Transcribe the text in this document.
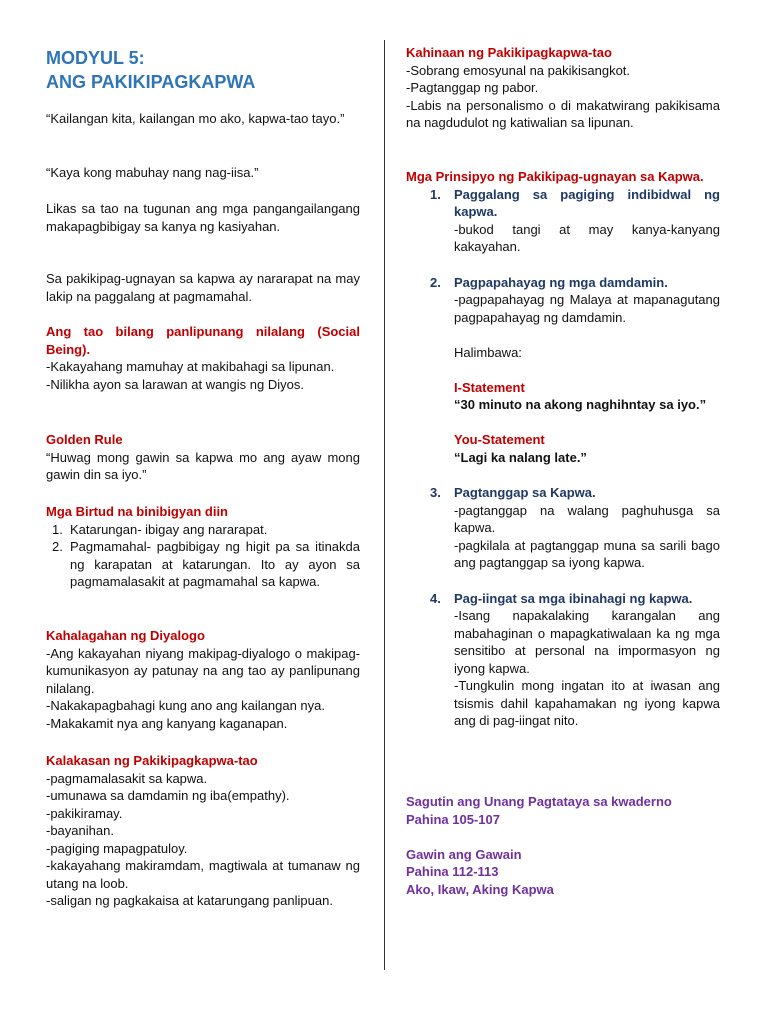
MODYUL 5:
ANG PAKIKIPAGKAPWA
“Kailangan kita, kailangan mo ako, kapwa-tao tayo.”
“Kaya kong mabuhay nang nag-iisa.”
Likas sa tao na tugunan ang mga pangangailangang makapagbibigay sa kanya ng kasiyahan.
Sa pakikipag-ugnayan sa kapwa ay nararapat na may lakip na paggalang at pagmamahal.
Ang tao bilang panlipunang nilalang (Social Being).
-Kakayahang mamuhay at makibahagi sa lipunan.
-Nilikha ayon sa larawan at wangis ng Diyos.
Golden Rule
“Huwag mong gawin sa kapwa mo ang ayaw mong gawin din sa iyo.”
Mga Birtud na binibigyan diin
1. Katarungan- ibigay ang nararapat.
2. Pagmamahal- pagbibigay ng higit pa sa itinakda ng karapatan at katarungan. Ito ay ayon sa pagmamalasakit at pagmamahal sa kapwa.
Kahalagahan ng Diyalogo
-Ang kakayahan niyang makipag-diyalogo o makipag-kumunikasyon ay patunay na ang tao ay panlipunang nilalang.
-Nakakapagbahagi kung ano ang kailangan nya.
-Makakamit nya ang kanyang kaganapan.
Kalakasan ng Pakikipagkapwa-tao
-pagmamalasakit sa kapwa.
-umunawa sa damdamin ng iba(empathy).
-pakikiramay.
-bayanihan.
-pagiging mapagpatuloy.
-kakayahang makiramdam, magtiwala at tumanaw ng utang na loob.
-saligan ng pagkakaisa at katarungang panlipuan.
Kahinaan ng Pakikipagkapwa-tao
-Sobrang emosyunal na pakikisangkot.
-Pagtanggap ng pabor.
-Labis na personalismo o di makatwirang pakikisama na nagdudulot ng katiwalian sa lipunan.
Mga Prinsipyo ng Pakikipag-ugnayan sa Kapwa.
1. Paggalang sa pagiging indibidwal ng kapwa.
-bukod tangi at may kanya-kanyang kakayahan.
2. Pagpapahayag ng mga damdamin.
-pagpapahayag ng Malaya at mapanagutang pagpapahayag ng damdamin.
Halimbawa:
I-Statement
“30 minuto na akong naghihntay sa iyo.”
You-Statement
“Lagi ka nalang late.”
3. Pagtanggap sa Kapwa.
-pagtanggap na walang paghuhusga sa kapwa.
-pagkilala at pagtanggap muna sa sarili bago ang pagtanggap sa iyong kapwa.
4. Pag-iingat sa mga ibinahagi ng kapwa.
-Isang napakalaking karangalan ang mabahaginan o mapagkatiwalaan ka ng mga sensitibo at personal na impormasyon ng iyong kapwa.
-Tungkulin mong ingatan ito at iwasan ang tsismis dahil kapahamakan ng iyong kapwa ang di pag-iingat nito.
Sagutin ang Unang Pagtataya sa kwaderno
Pahina 105-107
Gawin ang Gawain
Pahina 112-113
Ako, Ikaw, Aking Kapwa
